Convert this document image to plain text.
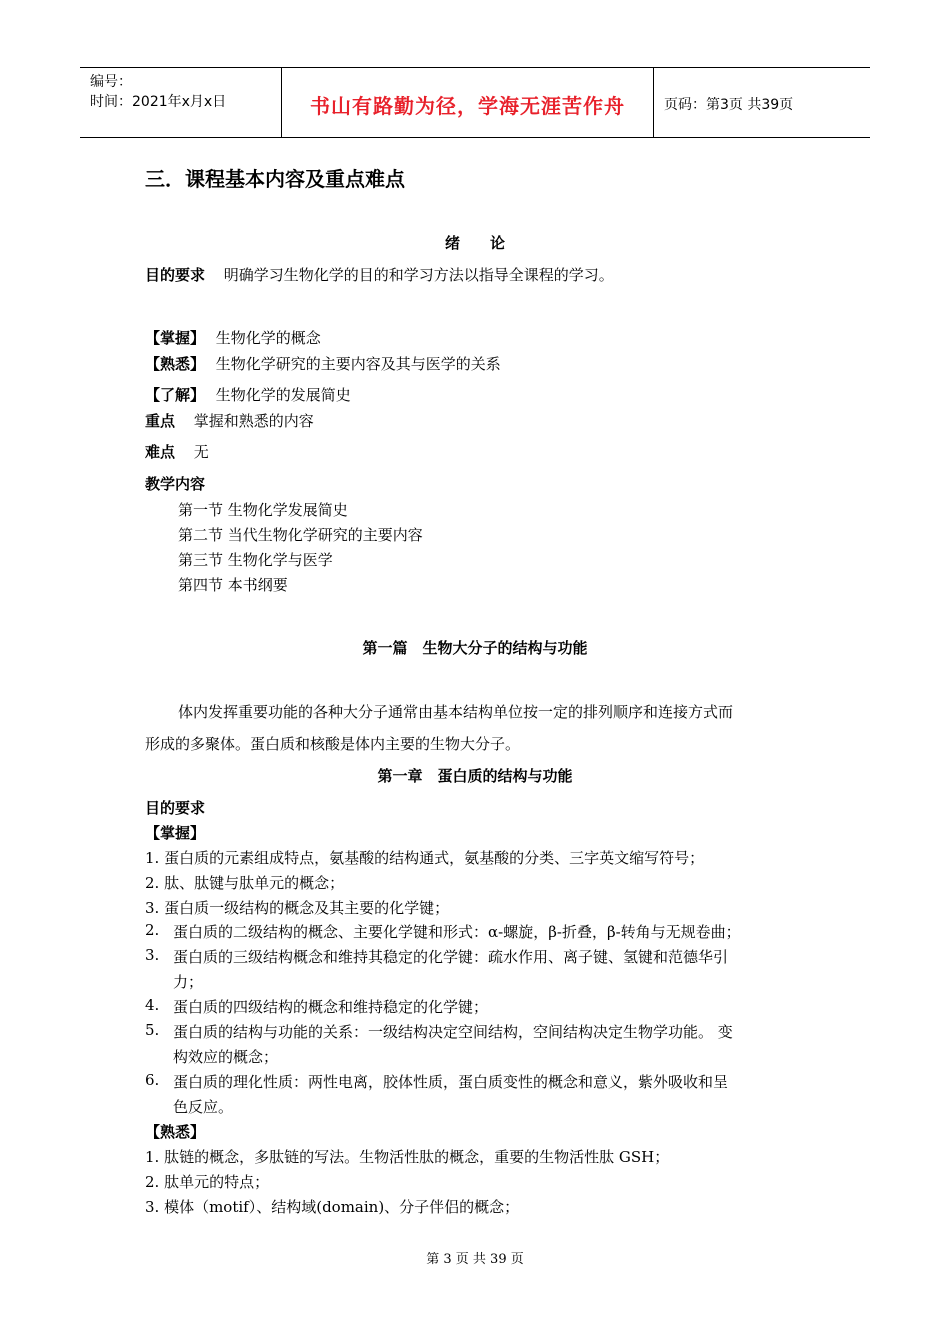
编号：
时间：2021年x月x日	书山有路勤为径，学海无涯苦作舟	页码：第3页 共39页
三．课程基本内容及重点难点
绪　　论
目的要求 明确学习生物化学的目的和学习方法以指导全课程的学习。
【掌握】 生物化学的概念
【熟悉】 生物化学研究的主要内容及其与医学的关系
【了解】 生物化学的发展简史
重点 掌握和熟悉的内容
难点 无
教学内容
第一节 生物化学发展简史
第二节 当代生物化学研究的主要内容
第三节 生物化学与医学
第四节 本书纲要
第一篇　生物大分子的结构与功能
体内发挥重要功能的各种大分子通常由基本结构单位按一定的排列顺序和连接方式而
形成的多聚体。蛋白质和核酸是体内主要的生物大分子。
第一章　蛋白质的结构与功能
目的要求
【掌握】
1. 蛋白质的元素组成特点，氨基酸的结构通式，氨基酸的分类、三字英文缩写符号；
2. 肽、肽键与肽单元的概念；
3. 蛋白质一级结构的概念及其主要的化学键；
2. 蛋白质的二级结构的概念、主要化学键和形式：α-螺旋，β-折叠，β-转角与无规卷曲；
3. 蛋白质的三级结构概念和维持其稳定的化学键：疏水作用、离子键、氢键和范德华引
力；
4. 蛋白质的四级结构的概念和维持稳定的化学键；
5. 蛋白质的结构与功能的关系：一级结构决定空间结构，空间结构决定生物学功能。 变
构效应的概念；
6. 蛋白质的理化性质：两性电离，胶体性质，蛋白质变性的概念和意义，紫外吸收和呈
色反应。
【熟悉】
1. 肽链的概念，多肽链的写法。生物活性肽的概念，重要的生物活性肽 GSH；
2. 肽单元的特点；
3. 模体（motif）、结构域(domain)、分子伴侣的概念；
第 3 页 共 39 页
